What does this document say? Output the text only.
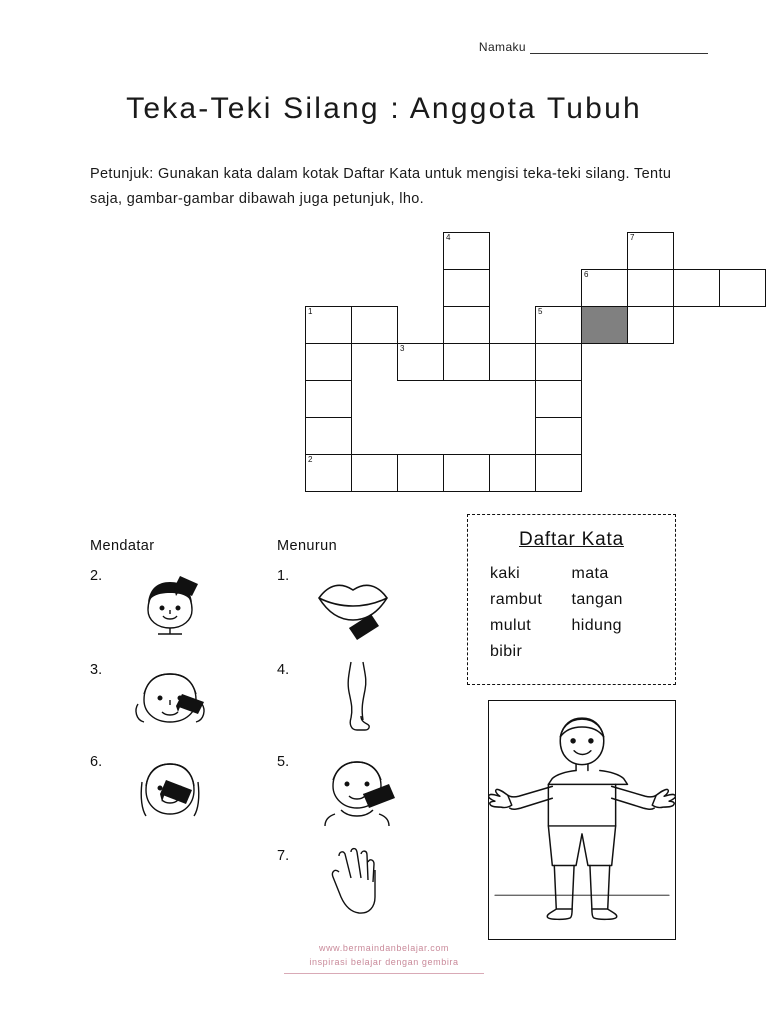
Namaku
Teka-Teki Silang : Anggota Tubuh
Petunjuk: Gunakan kata dalam kotak Daftar Kata untuk mengisi teka-teki silang. Tentu saja, gambar-gambar dibawah juga petunjuk, lho.
4	7
6
1	5
3
2
Mendatar	Menurun
2.
3.
6.
1.
4.
5.
7.
Daftar Kata
kaki	mata
rambut	tangan
mulut	hidung
bibir
www.bermaindanbelajar.com
inspirasi belajar dengan gembira
